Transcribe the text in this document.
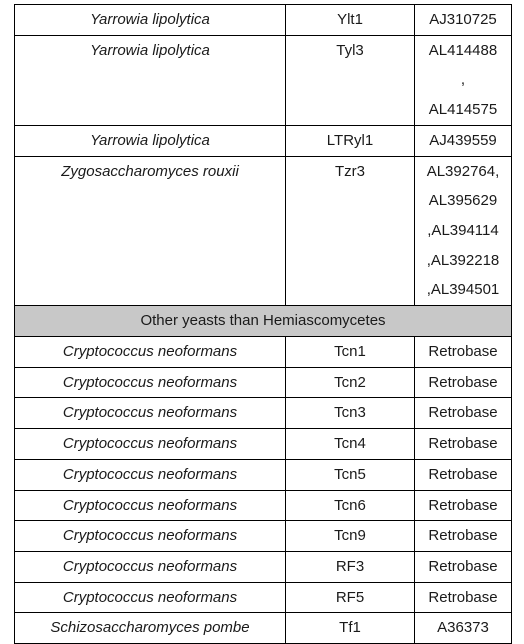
Yarrowia lipolytica	Ylt1	AJ310725

Yarrowia lipolytica	Tyl3	AL414488
,
AL414575

Yarrowia lipolytica	LTRyl1	AJ439559

Zygosaccharomyces rouxii	Tzr3	AL392764,
AL395629
,AL394114
,AL392218
,AL394501

Other yeasts than Hemiascomycetes		
Cryptococcus neoformans	Tcn1	Retrobase
Cryptococcus neoformans	Tcn2	Retrobase
Cryptococcus neoformans	Tcn3	Retrobase
Cryptococcus neoformans	Tcn4	Retrobase
Cryptococcus neoformans	Tcn5	Retrobase
Cryptococcus neoformans	Tcn6	Retrobase
Cryptococcus neoformans	Tcn9	Retrobase
Cryptococcus neoformans	RF3	Retrobase
Cryptococcus neoformans	RF5	Retrobase
Schizosaccharomyces pombe	Tf1	A36373
